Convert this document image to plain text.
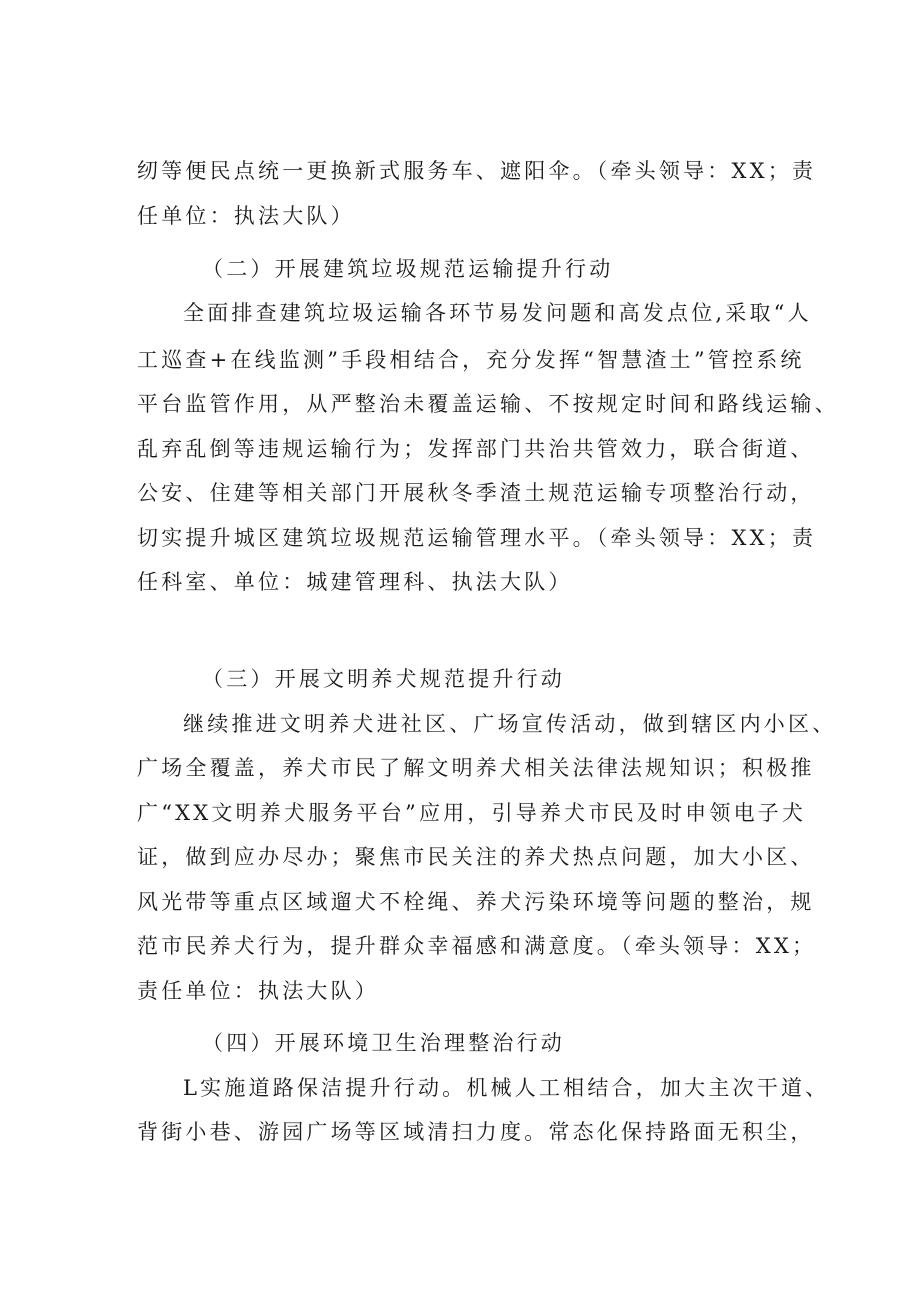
纫等便民点统一更换新式服务车、遮阳伞。（牵头领导：XX；责
任单位：执法大队）
（二）开展建筑垃圾规范运输提升行动
全面排查建筑垃圾运输各环节易发问题和高发点位,采取“人
工巡查+在线监测”手段相结合，充分发挥“智慧渣土”管控系统
平台监管作用，从严整治未覆盖运输、不按规定时间和路线运输、
乱弃乱倒等违规运输行为；发挥部门共治共管效力，联合街道、
公安、住建等相关部门开展秋冬季渣土规范运输专项整治行动，
切实提升城区建筑垃圾规范运输管理水平。（牵头领导：XX；责
任科室、单位：城建管理科、执法大队）
（三）开展文明养犬规范提升行动
继续推进文明养犬进社区、广场宣传活动，做到辖区内小区、
广场全覆盖，养犬市民了解文明养犬相关法律法规知识；积极推
广“XX文明养犬服务平台”应用，引导养犬市民及时申领电子犬
证，做到应办尽办；聚焦市民关注的养犬热点问题，加大小区、
风光带等重点区域遛犬不栓绳、养犬污染环境等问题的整治，规
范市民养犬行为，提升群众幸福感和满意度。（牵头领导：XX；
责任单位：执法大队）
（四）开展环境卫生治理整治行动
L实施道路保洁提升行动。机械人工相结合，加大主次干道、
背街小巷、游园广场等区域清扫力度。常态化保持路面无积尘，
